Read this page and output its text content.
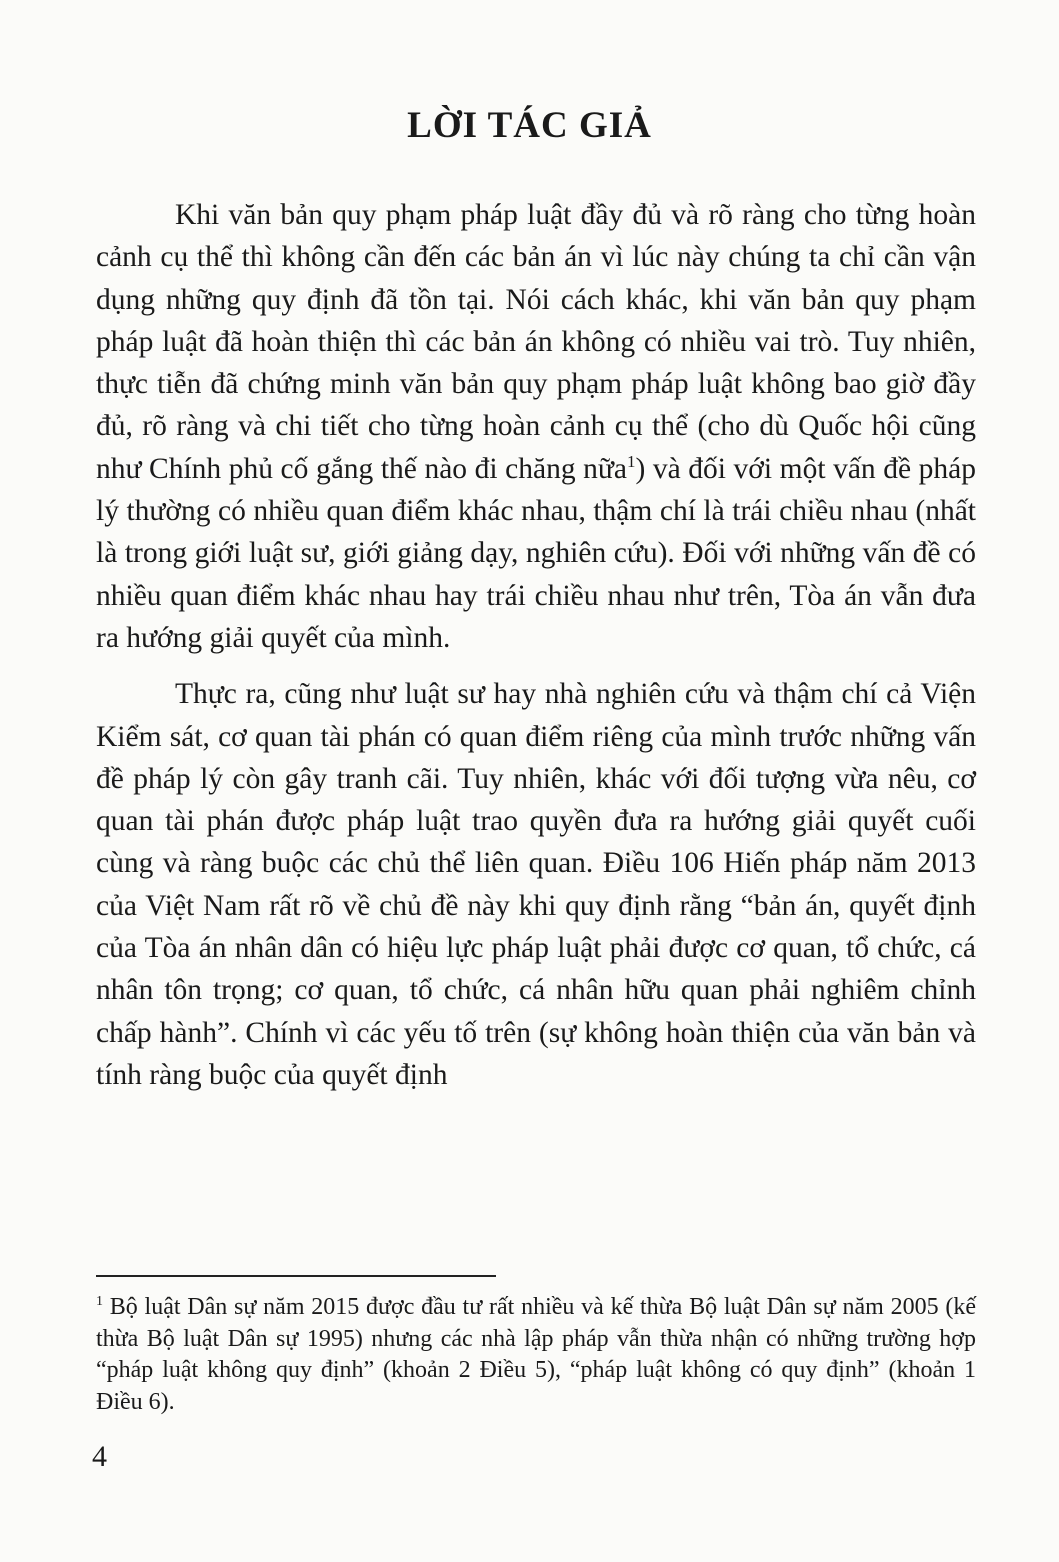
LỜI TÁC GIẢ

Khi văn bản quy phạm pháp luật đầy đủ và rõ ràng cho từng hoàn cảnh cụ thể thì không cần đến các bản án vì lúc này chúng ta chỉ cần vận dụng những quy định đã tồn tại. Nói cách khác, khi văn bản quy phạm pháp luật đã hoàn thiện thì các bản án không có nhiều vai trò. Tuy nhiên, thực tiễn đã chứng minh văn bản quy phạm pháp luật không bao giờ đầy đủ, rõ ràng và chi tiết cho từng hoàn cảnh cụ thể (cho dù Quốc hội cũng như Chính phủ cố gắng thế nào đi chăng nữa$^1$) và đối với một vấn đề pháp lý thường có nhiều quan điểm khác nhau, thậm chí là trái chiều nhau (nhất là trong giới luật sư, giới giảng dạy, nghiên cứu). Đối với những vấn đề có nhiều quan điểm khác nhau hay trái chiều nhau như trên, Tòa án vẫn đưa ra hướng giải quyết của mình.

Thực ra, cũng như luật sư hay nhà nghiên cứu và thậm chí cả Viện Kiểm sát, cơ quan tài phán có quan điểm riêng của mình trước những vấn đề pháp lý còn gây tranh cãi. Tuy nhiên, khác với đối tượng vừa nêu, cơ quan tài phán được pháp luật trao quyền đưa ra hướng giải quyết cuối cùng và ràng buộc các chủ thể liên quan. Điều 106 Hiến pháp năm 2013 của Việt Nam rất rõ về chủ đề này khi quy định rằng “bản án, quyết định của Tòa án nhân dân có hiệu lực pháp luật phải được cơ quan, tổ chức, cá nhân tôn trọng; cơ quan, tổ chức, cá nhân hữu quan phải nghiêm chỉnh chấp hành”. Chính vì các yếu tố trên (sự không hoàn thiện của văn bản và tính ràng buộc của quyết định

$^1$ Bộ luật Dân sự năm 2015 được đầu tư rất nhiều và kế thừa Bộ luật Dân sự năm 2005 (kế thừa Bộ luật Dân sự 1995) nhưng các nhà lập pháp vẫn thừa nhận có những trường hợp “pháp luật không quy định” (khoản 2 Điều 5), “pháp luật không có quy định” (khoản 1 Điều 6).

4
